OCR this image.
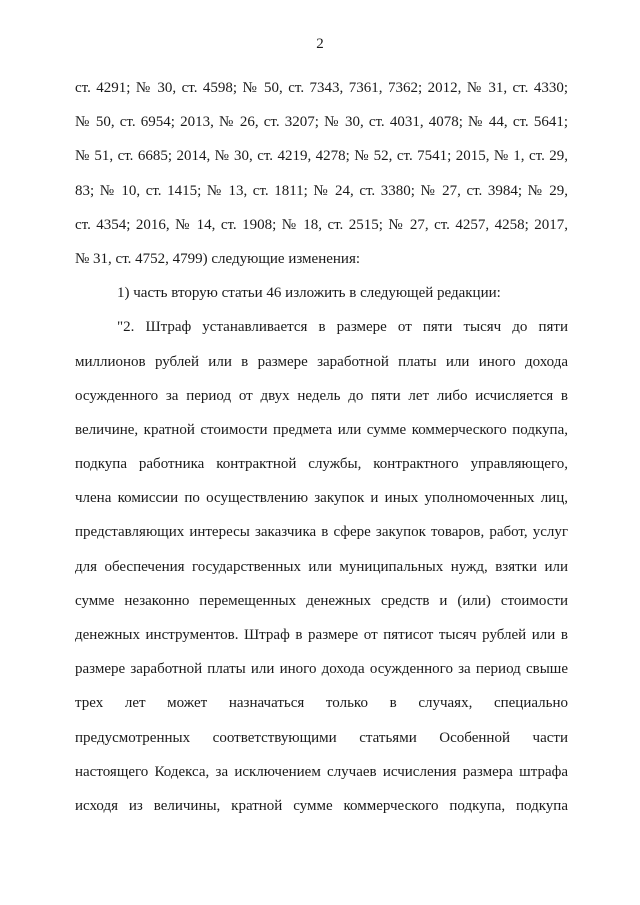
2
ст. 4291; № 30, ст. 4598; № 50, ст. 7343, 7361, 7362; 2012, № 31, ст. 4330;
№ 50, ст. 6954; 2013, № 26, ст. 3207; № 30, ст. 4031, 4078; № 44, ст. 5641;
№ 51, ст. 6685; 2014, № 30, ст. 4219, 4278; № 52, ст. 7541; 2015, № 1, ст. 29,
83; № 10, ст. 1415; № 13, ст. 1811; № 24, ст. 3380; № 27, ст. 3984; № 29,
ст. 4354; 2016, № 14, ст. 1908; № 18, ст. 2515; № 27, ст. 4257, 4258; 2017,
№ 31, ст. 4752, 4799) следующие изменения:
1) часть вторую статьи 46 изложить в следующей редакции:
"2. Штраф устанавливается в размере от пяти тысяч до пяти
миллионов рублей или в размере заработной платы или иного дохода
осужденного за период от двух недель до пяти лет либо исчисляется в
величине, кратной стоимости предмета или сумме коммерческого подкупа,
подкупа работника контрактной службы, контрактного управляющего,
члена комиссии по осуществлению закупок и иных уполномоченных лиц,
представляющих интересы заказчика в сфере закупок товаров, работ, услуг
для обеспечения государственных или муниципальных нужд, взятки или
сумме незаконно перемещенных денежных средств и (или) стоимости
денежных инструментов. Штраф в размере от пятисот тысяч рублей или в
размере заработной платы или иного дохода осужденного за период свыше
трех лет может назначаться только в случаях, специально
предусмотренных соответствующими статьями Особенной части
настоящего Кодекса, за исключением случаев исчисления размера штрафа
исходя из величины, кратной сумме коммерческого подкупа, подкупа
